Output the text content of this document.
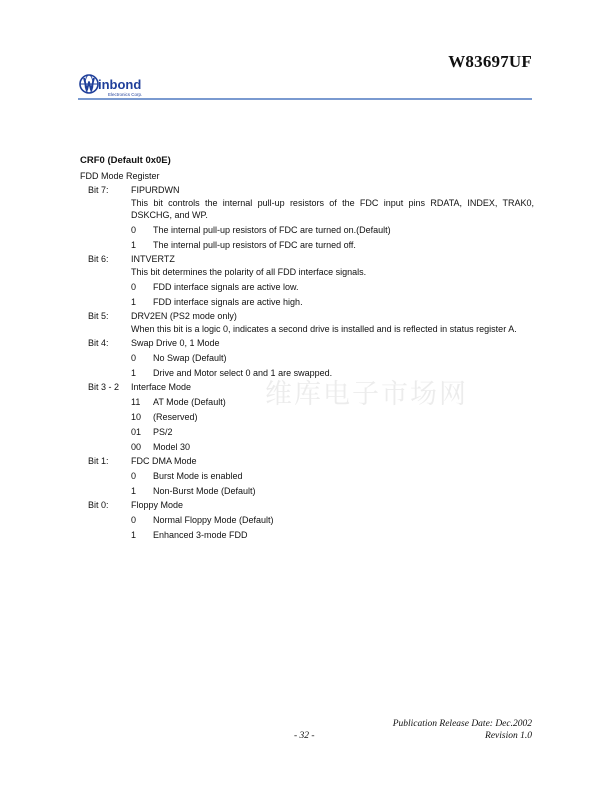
W83697UF
inbond
Electronics Corp.
维库电子市场网
CRF0 (Default 0x0E)
FDD Mode Register
Bit 7:	FIPURDWN
This bit controls the internal pull-up resistors of the FDC input pins RDATA, INDEX, TRAK0, DSKCHG, and WP.
0 The internal pull-up resistors of FDC are turned on.(Default)
1 The internal pull-up resistors of FDC are turned off.
Bit 6:	INTVERTZ
This bit determines the polarity of all FDD interface signals.
0 FDD interface signals are active low.
1 FDD interface signals are active high.
Bit 5:	DRV2EN (PS2 mode only)
When this bit is a logic 0, indicates a second drive is installed and is reflected in status register A.
Bit 4:	Swap Drive 0, 1 Mode
0 No Swap (Default)
1 Drive and Motor select 0 and 1 are swapped.
Bit 3 - 2	Interface Mode
11 AT Mode (Default)
10 (Reserved)
01 PS/2
00 Model 30
Bit 1:	FDC DMA Mode
0 Burst Mode is enabled
1 Non-Burst Mode (Default)
Bit 0:	Floppy Mode
0 Normal Floppy Mode (Default)
1 Enhanced 3-mode FDD
Publication Release Date: Dec.2002
- 32 -	Revision 1.0
